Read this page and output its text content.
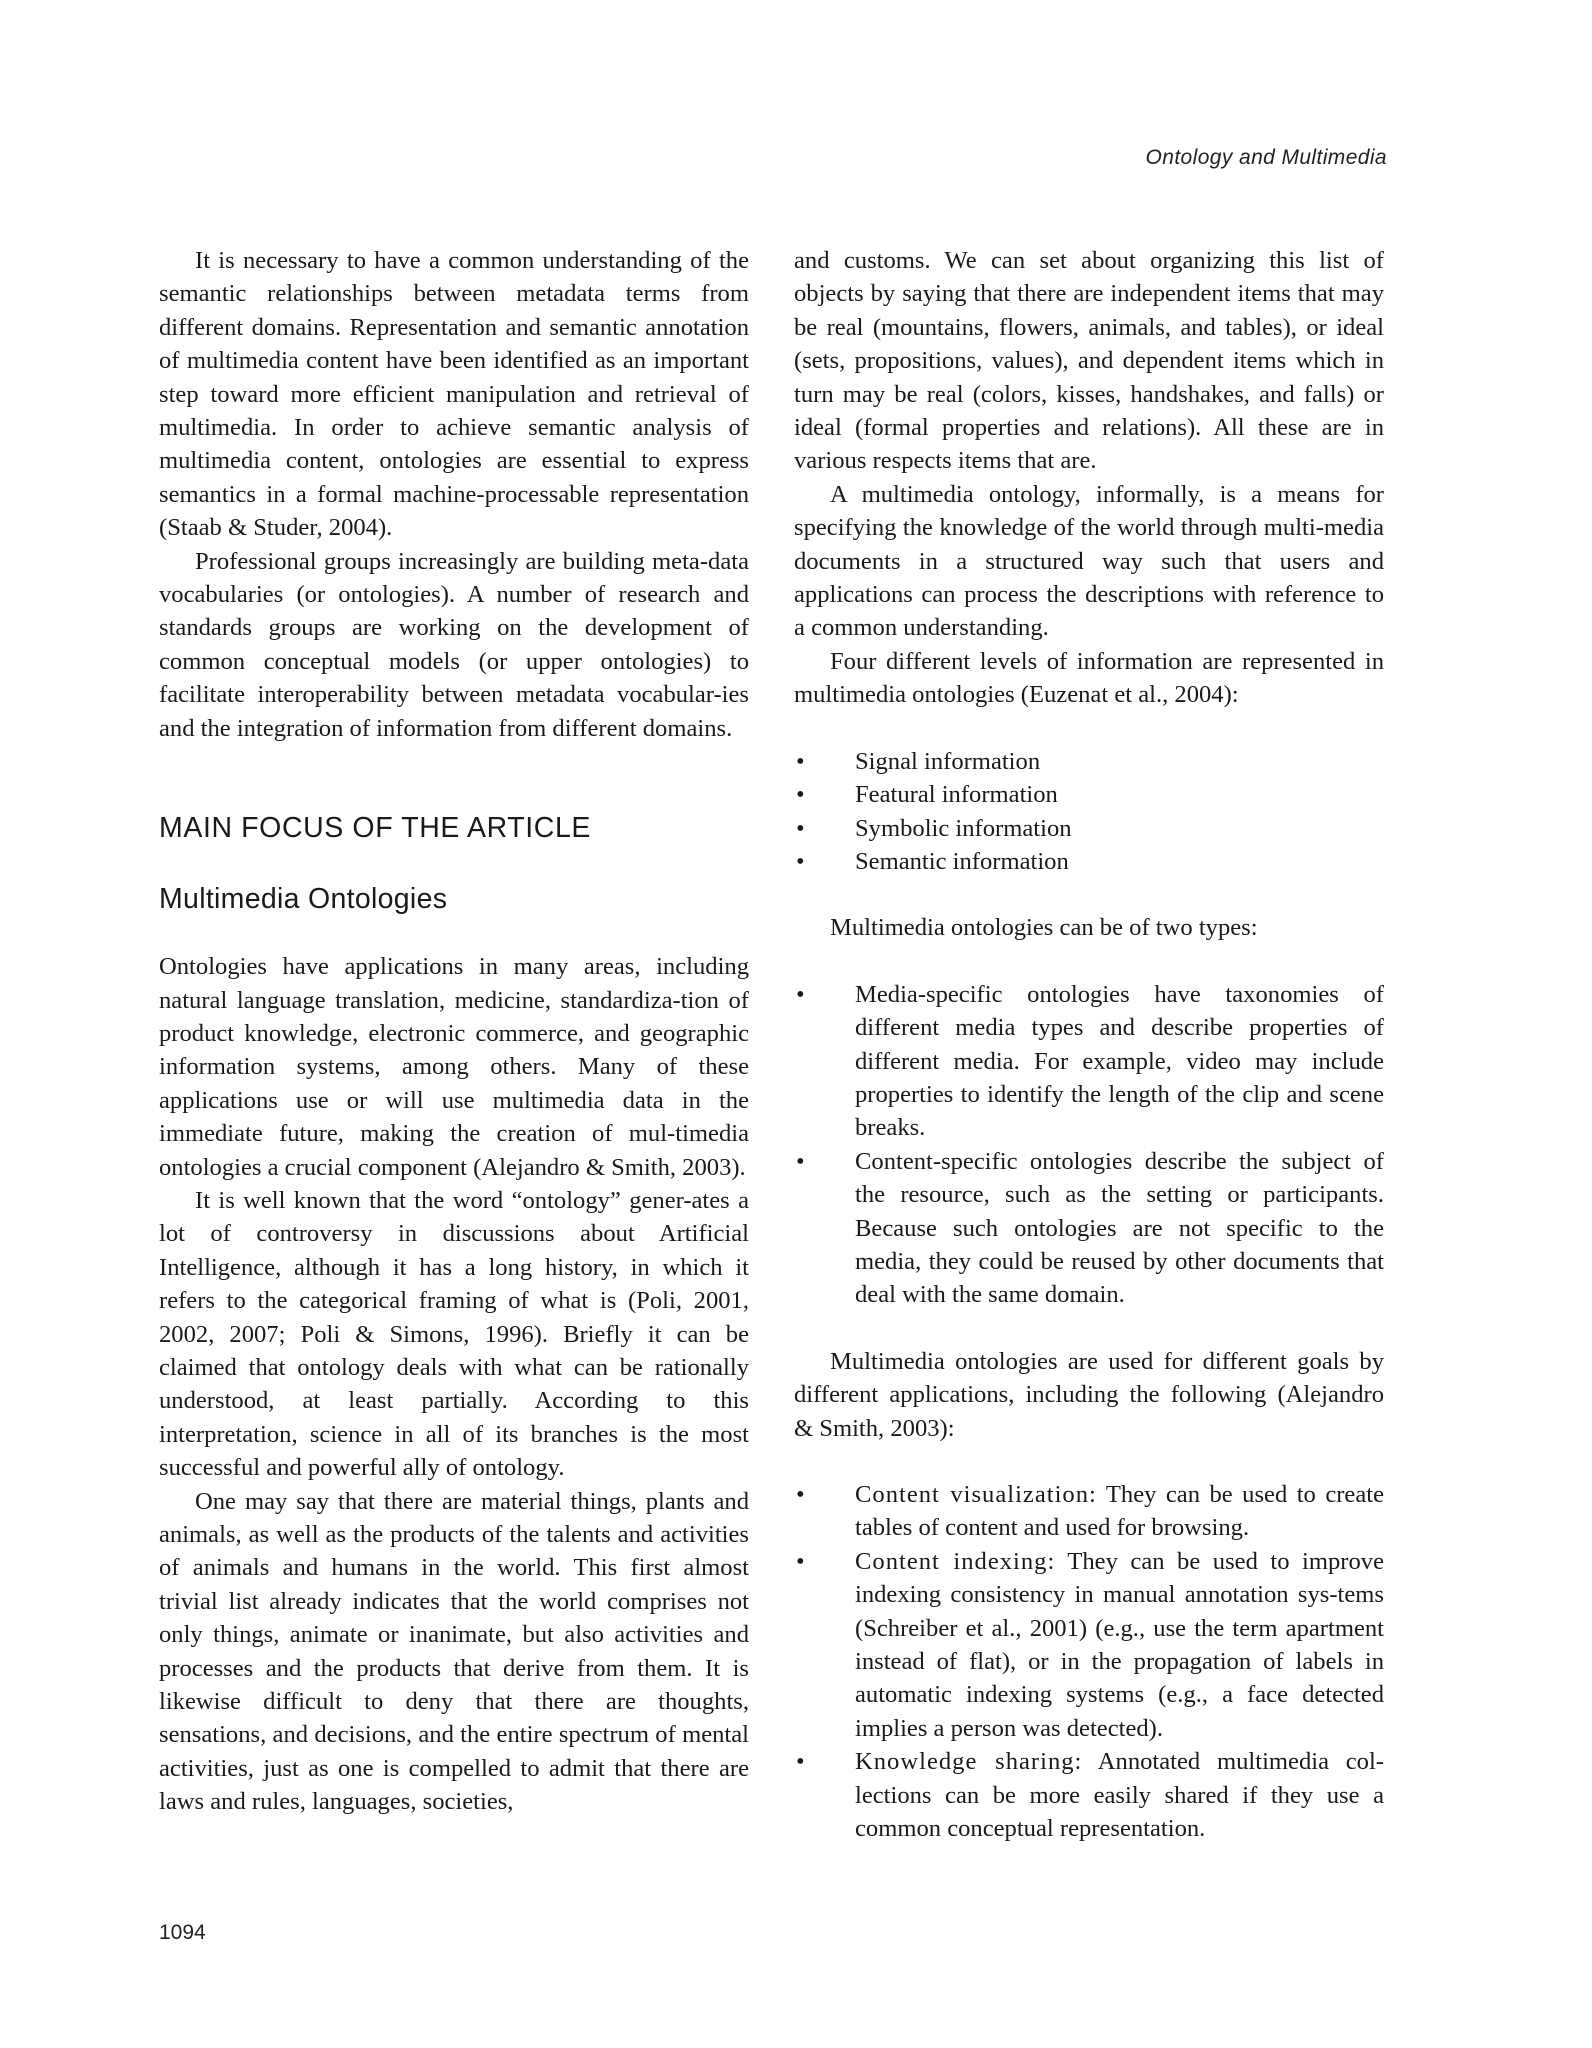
Ontology and Multimedia

It is necessary to have a common understanding of the semantic relationships between metadata terms from different domains. Representation and semantic annotation of multimedia content have been identified as an important step toward more efficient manipulation and retrieval of multimedia. In order to achieve semantic analysis of multimedia content, ontologies are essential to express semantics in a formal machine-processable representation (Staab & Studer, 2004).

Professional groups increasingly are building meta-data vocabularies (or ontologies). A number of research and standards groups are working on the development of common conceptual models (or upper ontologies) to facilitate interoperability between metadata vocabular-ies and the integration of information from different domains.

MAIN FOCUS OF THE ARTICLE
Multimedia Ontologies

Ontologies have applications in many areas, including natural language translation, medicine, standardiza-tion of product knowledge, electronic commerce, and geographic information systems, among others. Many of these applications use or will use multimedia data in the immediate future, making the creation of mul-timedia ontologies a crucial component (Alejandro & Smith, 2003).

It is well known that the word “ontology” gener-ates a lot of controversy in discussions about Artificial Intelligence, although it has a long history, in which it refers to the categorical framing of what is (Poli, 2001, 2002, 2007; Poli & Simons, 1996). Briefly it can be claimed that ontology deals with what can be rationally understood, at least partially. According to this interpretation, science in all of its branches is the most successful and powerful ally of ontology.

One may say that there are material things, plants and animals, as well as the products of the talents and activities of animals and humans in the world. This first almost trivial list already indicates that the world comprises not only things, animate or inanimate, but also activities and processes and the products that derive from them. It is likewise difficult to deny that there are thoughts, sensations, and decisions, and the entire spectrum of mental activities, just as one is compelled to admit that there are laws and rules, languages, societies,

and customs. We can set about organizing this list of objects by saying that there are independent items that may be real (mountains, flowers, animals, and tables), or ideal (sets, propositions, values), and dependent items which in turn may be real (colors, kisses, handshakes, and falls) or ideal (formal properties and relations). All these are in various respects items that are.

A multimedia ontology, informally, is a means for specifying the knowledge of the world through multi-media documents in a structured way such that users and applications can process the descriptions with reference to a common understanding.

Four different levels of information are represented in multimedia ontologies (Euzenat et al., 2004):

• Signal information
• Featural information
• Symbolic information
• Semantic information

Multimedia ontologies can be of two types:

• Media-specific ontologies have taxonomies of different media types and describe properties of different media. For example, video may include properties to identify the length of the clip and scene breaks.
• Content-specific ontologies describe the subject of the resource, such as the setting or participants. Because such ontologies are not specific to the media, they could be reused by other documents that deal with the same domain.

Multimedia ontologies are used for different goals by different applications, including the following (Alejandro & Smith, 2003):

• Content visualization: They can be used to create tables of content and used for browsing.
• Content indexing: They can be used to improve indexing consistency in manual annotation sys-tems (Schreiber et al., 2001) (e.g., use the term apartment instead of flat), or in the propagation of labels in automatic indexing systems (e.g., a face detected implies a person was detected).
• Knowledge sharing: Annotated multimedia col-lections can be more easily shared if they use a common conceptual representation.
1094
